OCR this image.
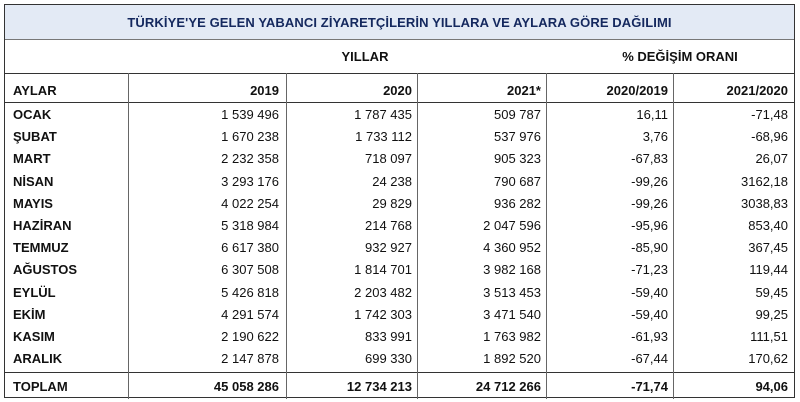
TÜRKİYE'YE GELEN YABANCI ZİYARETÇİLERİN YILLARA VE AYLARA GÖRE DAĞILIMI
YILLAR	% DEĞİŞİM ORANI
AYLAR	2019	2020	2021*	2020/2019	2021/2020
OCAK	1 539 496	1 787 435	509 787	16,11	-71,48
ŞUBAT	1 670 238	1 733 112	537 976	3,76	-68,96
MART	2 232 358	718 097	905 323	-67,83	26,07
NİSAN	3 293 176	24 238	790 687	-99,26	3162,18
MAYIS	4 022 254	29 829	936 282	-99,26	3038,83
HAZİRAN	5 318 984	214 768	2 047 596	-95,96	853,40
TEMMUZ	6 617 380	932 927	4 360 952	-85,90	367,45
AĞUSTOS	6 307 508	1 814 701	3 982 168	-71,23	119,44
EYLÜL	5 426 818	2 203 482	3 513 453	-59,40	59,45
EKİM	4 291 574	1 742 303	3 471 540	-59,40	99,25
KASIM	2 190 622	833 991	1 763 982	-61,93	111,51
ARALIK	2 147 878	699 330	1 892 520	-67,44	170,62
TOPLAM	45 058 286	12 734 213	24 712 266	-71,74	94,06
